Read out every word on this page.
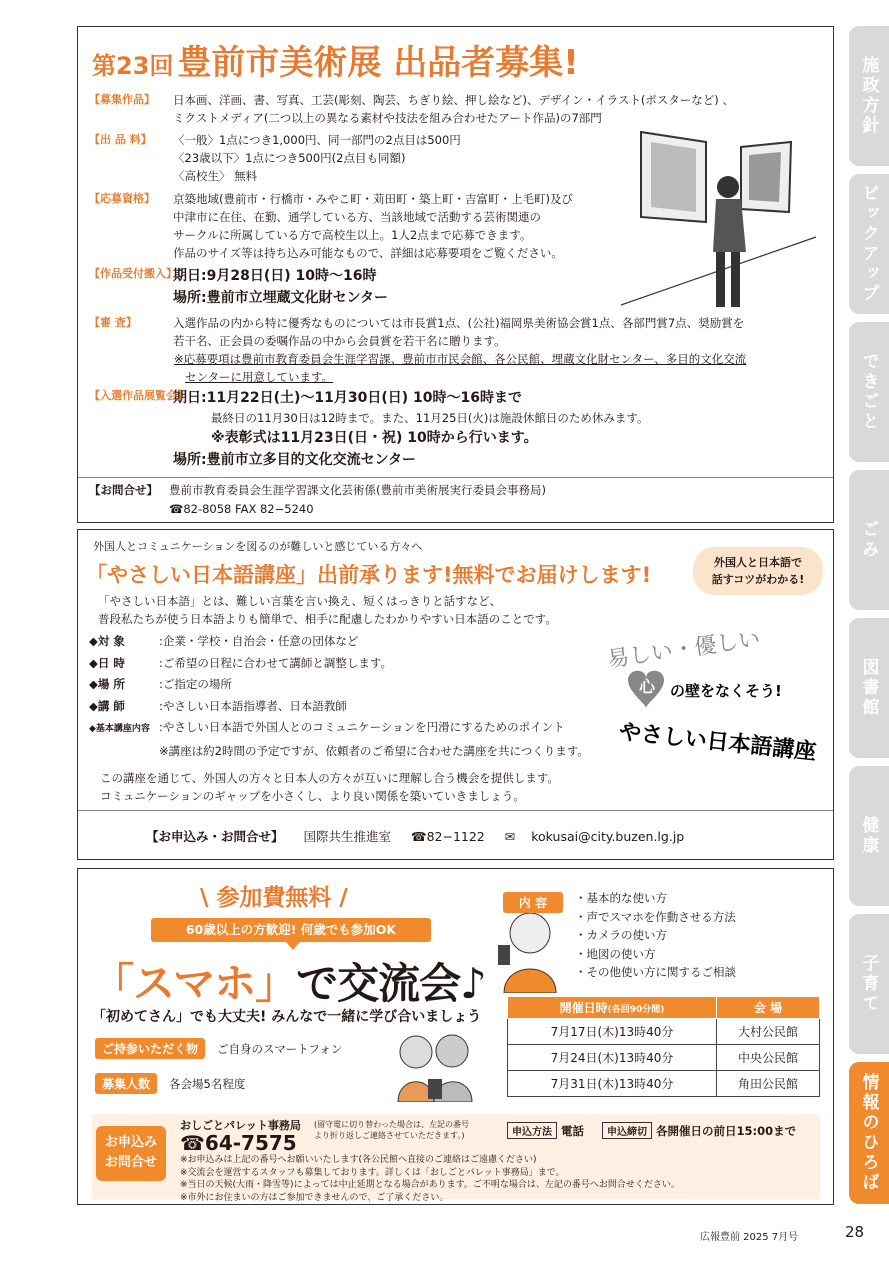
第23回 豊前市美術展 出品者募集!
【募集作品】 日本画、洋画、書、写真、工芸(彫刻、陶芸、ちぎり絵、押し絵など)、デザイン・イラスト(ポスターなど) 、
ミクストメディア(二つ以上の異なる素材や技法を組み合わせたアート作品)の7部門
【出 品 料】 〈一般〉1点につき1,000円、同一部門の2点目は500円
〈23歳以下〉1点につき500円(2点目も同額)
〈高校生〉 無料
【応募資格】 京築地域(豊前市・行橋市・みやこ町・苅田町・築上町・吉富町・上毛町)及び
中津市に在住、在勤、通学している方、当該地域で活動する芸術関連の
サークルに所属している方で高校生以上。1人2点まで応募できます。
作品のサイズ等は持ち込み可能なもので、詳細は応募要項をご覧ください。
【作品受付搬入】
期日:9月28日(日) 10時～16時
場所:豊前市立埋蔵文化財センター
【審 査】	入選作品の内から特に優秀なものについては市長賞1点、(公社)福岡県美術協会賞1点、各部門賞7点、奨励賞を
若干名、正会員の委嘱作品の中から会員賞を若干名に贈ります。
※応募要項は豊前市教育委員会生涯学習課、豊前市市民会館、各公民館、埋蔵文化財センター、多目的文化交流
センターに用意しています。
【入選作品展覧会】
期日:11月22日(土)～11月30日(日) 10時～16時まで
最終日の11月30日は12時まで。また、11月25日(火)は施設休館日のため休みます。
※表彰式は11月23日(日・祝) 10時から行います。
場所:豊前市立多目的文化交流センター
【お問合せ】 豊前市教育委員会生涯学習課文化芸術係(豊前市美術展実行委員会事務局)
☎82-8058 FAX 82−5240
外国人とコミュニケーションを図るのが難しいと感じている方々へ
「やさしい日本語講座」出前承ります!無料でお届けします!
外国人と日本語で
話すコツがわかる!
「やさしい日本語」とは、難しい言葉を言い換え、短くはっきりと話すなど、
普段私たちが使う日本語よりも簡単で、相手に配慮したわかりやすい日本語のことです。
◆対 象	:企業・学校・自治会・任意の団体など
◆日 時	:ご希望の日程に合わせて講師と調整します。
◆場 所	:ご指定の場所
◆講 師	:やさしい日本語指導者、日本語教師
◆基本講座内容 :やさしい日本語で外国人とのコミュニケーションを円滑にするためのポイント
※講座は約2時間の予定ですが、依頼者のご希望に合わせた講座を共につくります。
この講座を通じて、外国人の方々と日本人の方々が互いに理解し合う機会を提供します。
コミュニケーションのギャップを小さくし、より良い関係を築いていきましょう。
易しい・優しい
心 の壁をなくそう!
やさしい日本語講座
【お申込み・お問合せ】 国際共生推進室 ☎82−1122 ✉ kokusai@city.buzen.lg.jp
\ 参加費無料 /
60歳以上の方歓迎! 何歳でも参加OK
「スマホ」で交流会♪
「初めてさん」でも大丈夫! みんなで一緒に学び合いましょう
ご持参いただく物 ご自身のスマートフォン
募集人数 各会場5名程度
内 容	・基本的な使い方
・声でスマホを作動させる方法
・カメラの使い方
・地図の使い方
・その他使い方に関するご相談
開催日時(各回90分間)	会 場
7月17日(木)13時40分	大村公民館
7月24日(木)13時40分	中央公民館
7月31日(木)13時40分	角田公民館
お申込み
お問合せ
おしごとパレット事務局
☎64-7575
(留守電に切り替わった場合は、左記の番号
より折り返しご連絡させていただきます。)	申込方法 電話 申込締切 各開催日の前日15:00まで
※お申込みは上記の番号へお願いいたします(各公民館へ直接のご連絡はご遠慮ください)
※交流会を運営するスタッフも募集しております。詳しくは「おしごとパレット事務局」まで。
※当日の天候(大雨・降雪等)によっては中止延期となる場合があります。ご不明な場合は、左記の番号へお問合せください。
※市外にお住まいの方はご参加できませんので、ご了承ください。
施政方針
ピックアップ
できごと
ごみ
図書館
健康
子育て
情報のひろば
広報豊前 2025 7月号	28
